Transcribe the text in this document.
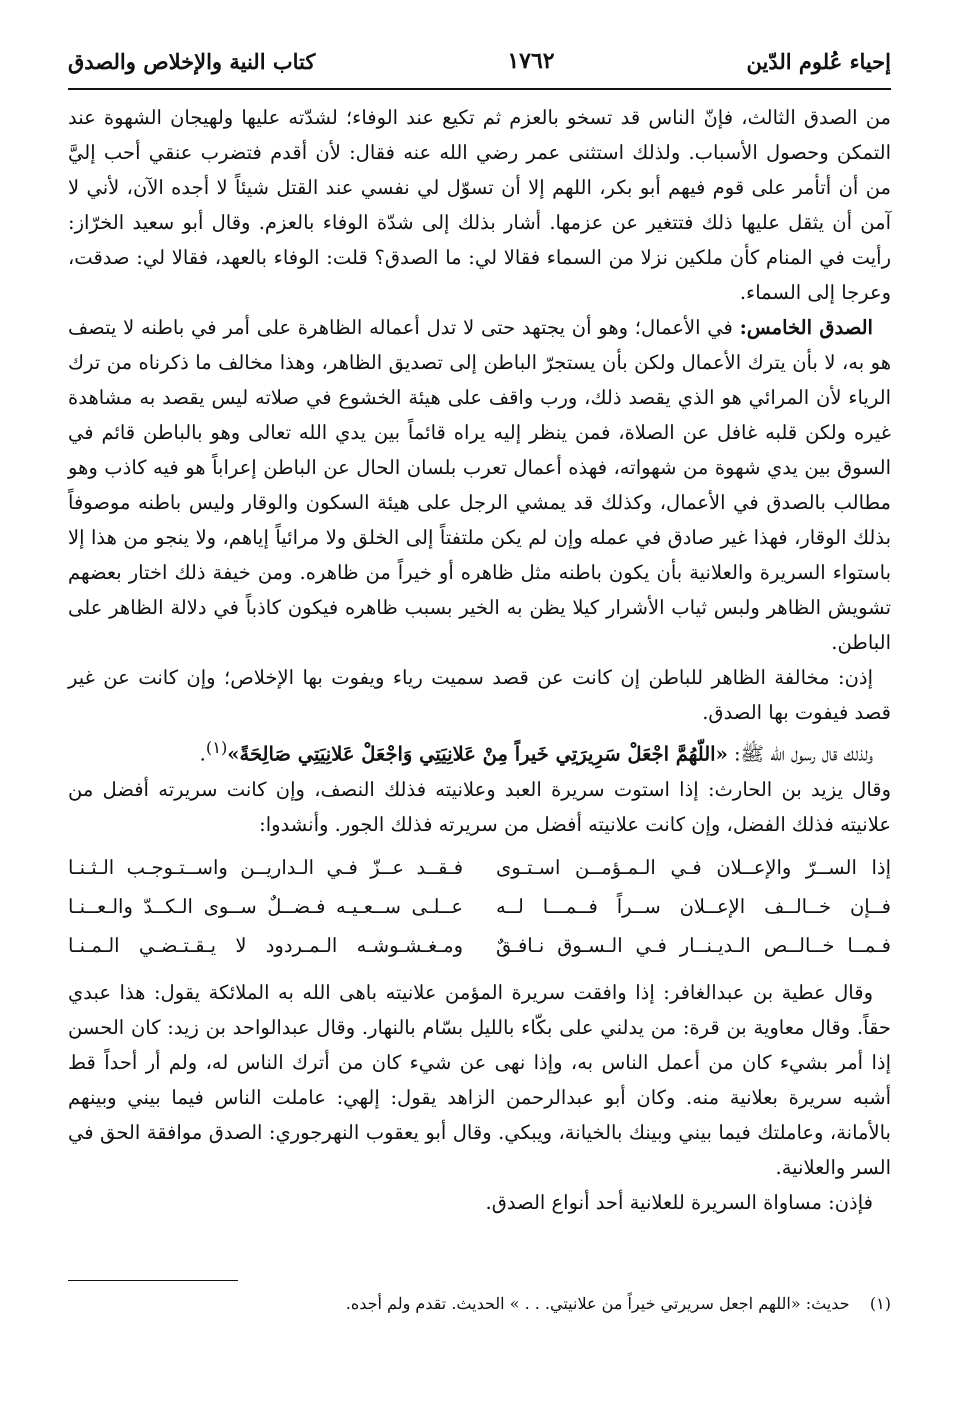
إحياء عُلوم الدّين
١٧٦٢
كتاب النية والإخلاص والصدق

من الصدق الثالث، فإنّ الناس قد تسخو بالعزم ثم تكيع عند الوفاء؛ لشدّته عليها ولهيجان الشهوة عند التمكن وحصول الأسباب. ولذلك استثنى عمر رضي الله عنه فقال: لأن أقدم فتضرب عنقي أحب إليَّ من أن أتأمر على قوم فيهم أبو بكر، اللهم إلا أن تسوّل لي نفسي عند القتل شيئاً لا أجده الآن، لأني لا آمن أن يثقل عليها ذلك فتتغير عن عزمها. أشار بذلك إلى شدّة الوفاء بالعزم. وقال أبو سعيد الخرّاز: رأيت في المنام كأن ملكين نزلا من السماء فقالا لي: ما الصدق؟ قلت: الوفاء بالعهد، فقالا لي: صدقت، وعرجا إلى السماء.

الصدق الخامس: في الأعمال؛ وهو أن يجتهد حتى لا تدل أعماله الظاهرة على أمر في باطنه لا يتصف هو به، لا بأن يترك الأعمال ولكن بأن يستجرّ الباطن إلى تصديق الظاهر، وهذا مخالف ما ذكرناه من ترك الرياء لأن المرائي هو الذي يقصد ذلك، ورب واقف على هيئة الخشوع في صلاته ليس يقصد به مشاهدة غيره ولكن قلبه غافل عن الصلاة، فمن ينظر إليه يراه قائماً بين يدي الله تعالى وهو بالباطن قائم في السوق بين يدي شهوة من شهواته، فهذه أعمال تعرب بلسان الحال عن الباطن إعراباً هو فيه كاذب وهو مطالب بالصدق في الأعمال، وكذلك قد يمشي الرجل على هيئة السكون والوقار وليس باطنه موصوفاً بذلك الوقار، فهذا غير صادق في عمله وإن لم يكن ملتفتاً إلى الخلق ولا مرائياً إياهم، ولا ينجو من هذا إلا باستواء السريرة والعلانية بأن يكون باطنه مثل ظاهره أو خيراً من ظاهره. ومن خيفة ذلك اختار بعضهم تشويش الظاهر ولبس ثياب الأشرار كيلا يظن به الخير بسبب ظاهره فيكون كاذباً في دلالة الظاهر على الباطن.

إذن: مخالفة الظاهر للباطن إن كانت عن قصد سميت رياء ويفوت بها الإخلاص؛ وإن كانت عن غير قصد فيفوت بها الصدق.

ولذلك قال رسول الله ﷺ: «اللّهُمَّ اجْعَلْ سَرِيرَتِي خَيراً مِنْ عَلانِيَتِي وَاجْعَلْ عَلانِيَتِي صَالِحَةً»$^{(١)}$.

وقال يزيد بن الحارث: إذا استوت سريرة العبد وعلانيته فذلك النصف، وإن كانت سريرته أفضل من علانيته فذلك الفضل، وإن كانت علانيته أفضل من سريرته فذلك الجور. وأنشدوا:

إذا الســرّ والإعــلان فـي الـمـؤمــن اسـتـوى
فـقــد عــزّ فـي الـداريــن واســتـوجـب الـثـنـا
فــإن خــالــف الإعــلان ســراً فــمـــا لــه
عــلـى ســعـيـه فـضــلٌ ســوى الـكــدّ والـعــنـا
فـمــا خــالــص الـديـنــار فـي الـسـوق نـافـقٌ
ومـغـشـوشـه الـمـردود لا يـقـتـضـي الـمـنـا

وقال عطية بن عبدالغافر: إذا وافقت سريرة المؤمن علانيته باهى الله به الملائكة يقول: هذا عبدي حقاً. وقال معاوية بن قرة: من يدلني على بكّاء بالليل بسّام بالنهار. وقال عبدالواحد بن زيد: كان الحسن إذا أمر بشيء كان من أعمل الناس به، وإذا نهى عن شيء كان من أترك الناس له، ولم أر أحداً قط أشبه سريرة بعلانية منه. وكان أبو عبدالرحمن الزاهد يقول: إلهي: عاملت الناس فيما بيني وبينهم بالأمانة، وعاملتك فيما بيني وبينك بالخيانة، ويبكي. وقال أبو يعقوب النهرجوري: الصدق موافقة الحق في السر والعلانية.

فإذن: مساواة السريرة للعلانية أحد أنواع الصدق.

(١)    حديث: «اللهم اجعل سريرتي خيراً من علانيتي. . . » الحديث. تقدم ولم أجده.
